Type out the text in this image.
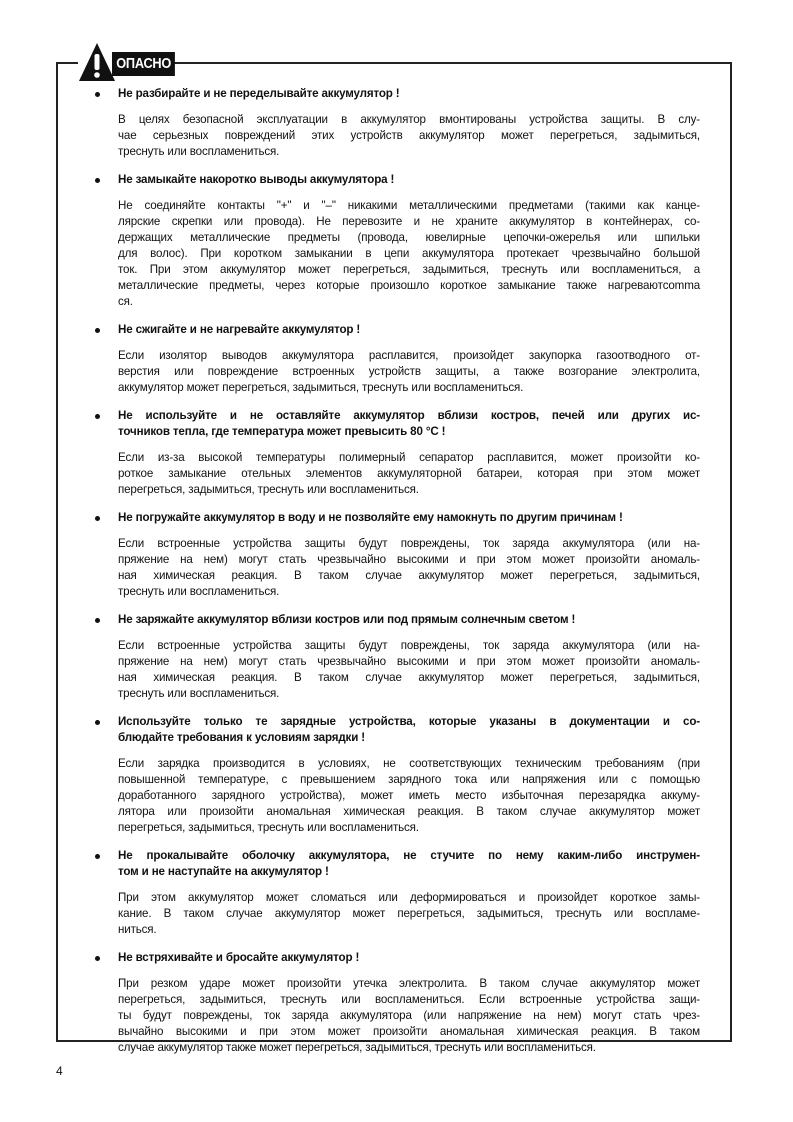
ОПАСНО
Не разбирайте и не переделывайте аккумулятор !
В целях безопасной эксплуатации в аккумулятор вмонтированы устройства защиты. В слу-
чае серьезных повреждений этих устройств аккумулятор может перегреться, задымиться,
треснуть или воспламениться.
Не замыкайте накоротко выводы аккумулятора !
Не соединяйте контакты "+" и "–" никакими металлическими предметами (такими как канце-
лярские скрепки или провода). Не перевозите и не храните аккумулятор в контейнерах, со-
держащих металлические предметы (провода, ювелирные цепочки-ожерелья или шпильки
для волос). При коротком замыкании в цепи аккумулятора протекает чрезвычайно большой
ток. При этом аккумулятор может перегреться, задымиться, треснуть или воспламениться, а
металлические предметы, через которые произошло короткое замыкание также нагреваютcomma
ся.
Не сжигайте и не нагревайте аккумулятор !
Если изолятор выводов аккумулятора расплавится, произойдет закупорка газоотводного от-
верстия или повреждение встроенных устройств защиты, а также возгорание электролита,
аккумулятор может перегреться, задымиться, треснуть или воспламениться.
Не используйте и не оставляйте аккумулятор вблизи костров, печей или других ис-
точников тепла, где температура может превысить 80 °С !
Если из-за высокой температуры полимерный сепаратор расплавится, может произойти ко-
роткое замыкание отельных элементов аккумуляторной батареи, которая при этом может
перегреться, задымиться, треснуть или воспламениться.
Не погружайте аккумулятор в воду и не позволяйте ему намокнуть по другим причинам !
Если встроенные устройства защиты будут повреждены, ток заряда аккумулятора (или на-
пряжение на нем) могут стать чрезвычайно высокими и при этом может произойти аномаль-
ная химическая реакция. В таком случае аккумулятор может перегреться, задымиться,
треснуть или воспламениться.
Не заряжайте аккумулятор вблизи костров или под прямым солнечным светом !
Если встроенные устройства защиты будут повреждены, ток заряда аккумулятора (или на-
пряжение на нем) могут стать чрезвычайно высокими и при этом может произойти аномаль-
ная химическая реакция. В таком случае аккумулятор может перегреться, задымиться,
треснуть или воспламениться.
Используйте только те зарядные устройства, которые указаны в документации и со-
блюдайте требования к условиям зарядки !
Если зарядка производится в условиях, не соответствующих техническим требованиям (при
повышенной температуре, с превышением зарядного тока или напряжения или с помощью
доработанного зарядного устройства), может иметь место избыточная перезарядка аккуму-
лятора или произойти аномальная химическая реакция. В таком случае аккумулятор может
перегреться, задымиться, треснуть или воспламениться.
Не прокалывайте оболочку аккумулятора, не стучите по нему каким-либо инструмен-
том и не наступайте на аккумулятор !
При этом аккумулятор может сломаться или деформироваться и произойдет короткое замы-
кание. В таком случае аккумулятор может перегреться, задымиться, треснуть или воспламе-
ниться.
Не встряхивайте и бросайте аккумулятор !
При резком ударе может произойти утечка электролита. В таком случае аккумулятор может
перегреться, задымиться, треснуть или воспламениться. Если встроенные устройства защи-
ты будут повреждены, ток заряда аккумулятора (или напряжение на нем) могут стать чрез-
вычайно высокими и при этом может произойти аномальная химическая реакция. В таком
случае аккумулятор также может перегреться, задымиться, треснуть или воспламениться.
4
